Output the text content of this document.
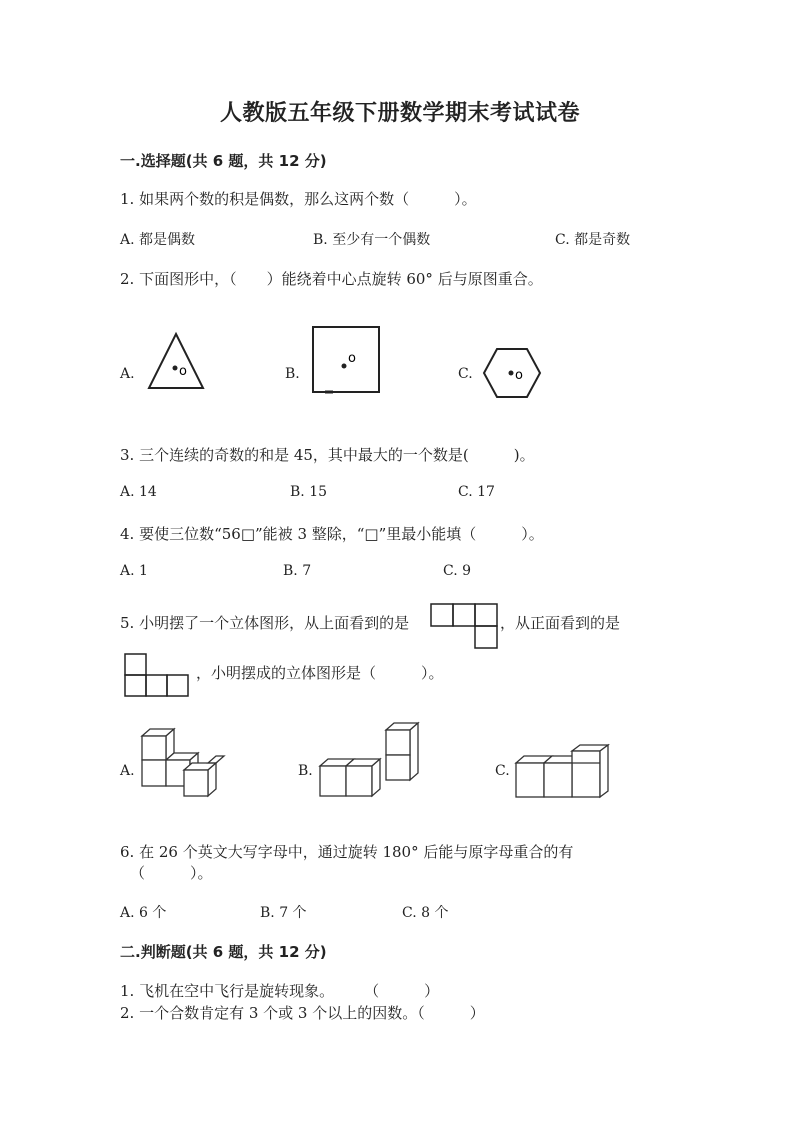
人教版五年级下册数学期末考试试卷
一.选择题(共 6 题，共 12 分)
1. 如果两个数的积是偶数，那么这两个数（　　　）。
A. 都是偶数	B. 至少有一个偶数	C. 都是奇数
2. 下面图形中，（　　）能绕着中心点旋转 60° 后与原图重合。
A.	B.	C.
o
o
o
3. 三个连续的奇数的和是 45，其中最大的一个数是(　　　)。
A. 14	B. 15	C. 17
4. 要使三位数“56□”能被 3 整除，“□”里最小能填（　　　）。
A. 1	B. 7	C. 9
5. 小明摆了一个立体图形，从上面看到的是	，从正面看到的是
，小明摆成的立体图形是（　　　）。
A.	B.	C.
6. 在 26 个英文大写字母中，通过旋转 180° 后能与原字母重合的有
（　　　）。
A. 6 个	B. 7 个	C. 8 个
二.判断题(共 6 题，共 12 分)
1. 飞机在空中飞行是旋转现象。　　　（　　　）
2. 一个合数肯定有 3 个或 3 个以上的因数。（　　　）
